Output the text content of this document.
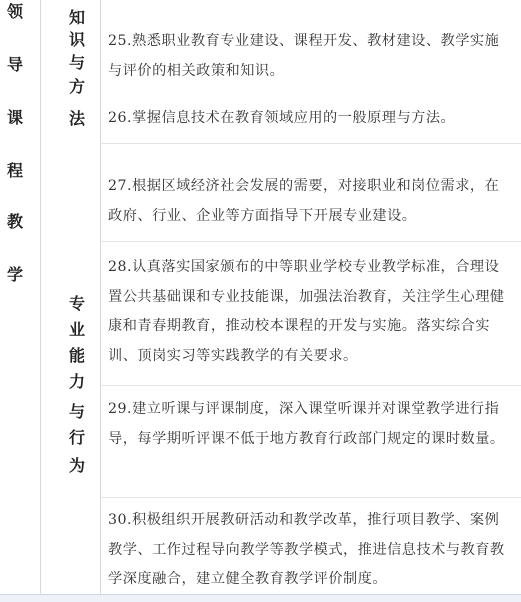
领
导
课
程
教
学
知
识
与
方
法
专
业
能
力
与
行
为
25.熟悉职业教育专业建设、课程开发、教材建设、教学实施与评价的相关政策和知识。
26.掌握信息技术在教育领域应用的一般原理与方法。
27.根据区域经济社会发展的需要，对接职业和岗位需求，在政府、行业、企业等方面指导下开展专业建设。
28.认真落实国家颁布的中等职业学校专业教学标准，合理设置公共基础课和专业技能课，加强法治教育，关注学生心理健康和青春期教育，推动校本课程的开发与实施。落实综合实训、顶岗实习等实践教学的有关要求。
29.建立听课与评课制度，深入课堂听课并对课堂教学进行指导，每学期听评课不低于地方教育行政部门规定的课时数量。
30.积极组织开展教研活动和教学改革，推行项目教学、案例教学、工作过程导向教学等教学模式，推进信息技术与教育教学深度融合，建立健全教育教学评价制度。
